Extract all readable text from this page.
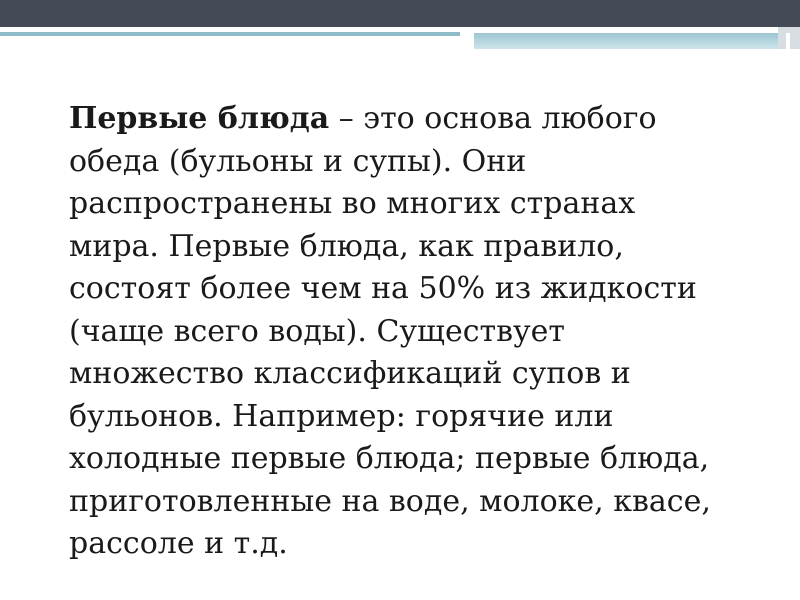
Первые блюда – это основа любого обеда (бульоны и супы). Они распространены во многих странах мира. Первые блюда, как правило, состоят более чем на 50% из жидкости (чаще всего воды). Существует множество классификаций супов и бульонов. Например: горячие или холодные первые блюда; первые блюда, приготовленные на воде, молоке, квасе, рассоле и т.д.
